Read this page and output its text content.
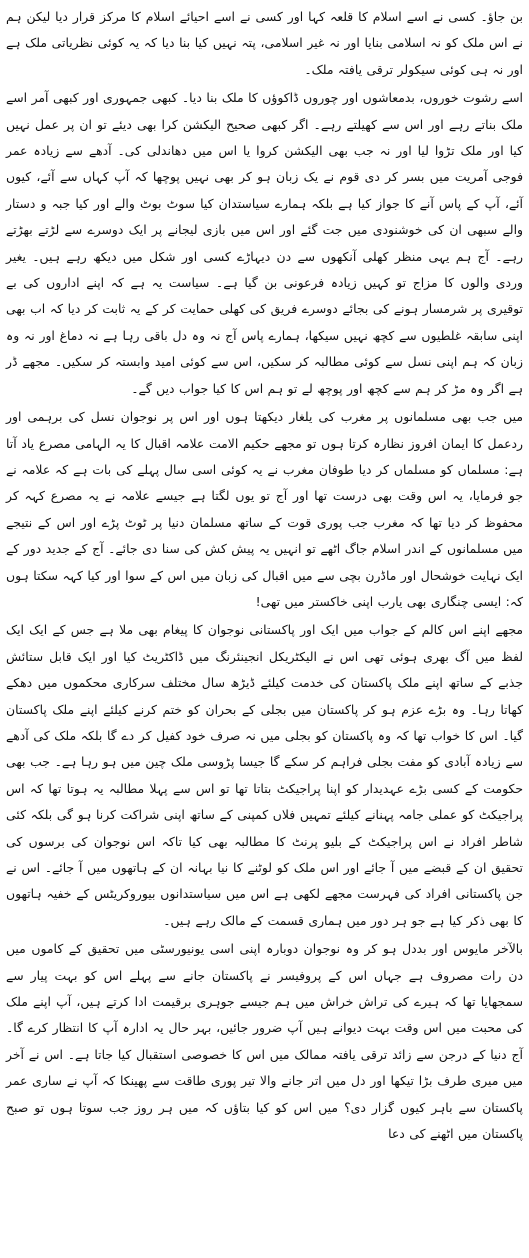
بن جاؤ۔ کسی نے اسے اسلام کا قلعہ کہا اور کسی نے اسے احیائے اسلام کا مرکز قرار دیا لیکن ہم نے اس ملک کو نہ اسلامی بنایا اور نہ غیر اسلامی، پتہ نہیں کیا بنا دیا کہ یہ کوئی نظریاتی ملک ہے اور نہ ہی کوئی سیکولر ترقی یافتہ ملک۔

اسے رشوت خوروں، بدمعاشوں اور چوروں ڈاکوؤں کا ملک بنا دیا۔ کبھی جمہوری اور کبھی آمر اسے ملک بناتے رہے اور اس سے کھیلتے رہے۔ اگر کبھی صحیح الیکشن کرا بھی دیئے تو ان پر عمل نہیں کیا اور ملک تڑوا لیا اور نہ جب بھی الیکشن کروا یا اس میں دھاندلی کی۔ آدھے سے زیادہ عمر فوجی آمریت میں بسر کر دی قوم نے یک زبان ہو کر بھی نہیں پوچھا کہ آپ کہاں سے آئے، کیوں آئے، آپ کے پاس آنے کا جواز کیا ہے بلکہ ہمارے سیاستدان کیا سوٹ بوٹ والے اور کیا جبہ و دستار والے سبھی ان کی خوشنودی میں جت گئے اور اس میں بازی لیجانے پر ایک دوسرے سے لڑتے بھڑتے رہے۔ آج ہم یہی منظر کھلی آنکھوں سے دن دیہاڑے کسی اور شکل میں دیکھ رہے ہیں۔ یغیر وردی والوں کا مزاج تو کہیں زیادہ فرعونی بن گیا ہے۔ سیاست یہ ہے کہ اپنے اداروں کی بے توقیری پر شرمسار ہونے کی بجائے دوسرے فریق کی کھلی حمایت کر کے یہ ثابت کر دیا کہ اب بھی اپنی سابقہ غلطیوں سے کچھ نہیں سیکھا، ہمارے پاس آج نہ وہ دل باقی رہا ہے نہ دماغ اور نہ وہ زبان کہ ہم اپنی نسل سے کوئی مطالبہ کر سکیں، اس سے کوئی امید وابستہ کر سکیں۔ مجھے ڈر ہے اگر وہ مڑ کر ہم سے کچھ اور پوچھ لے تو ہم اس کا کیا جواب دیں گے۔

میں جب بھی مسلمانوں پر مغرب کی یلغار دیکھتا ہوں اور اس پر نوجوان نسل کی برہمی اور ردعمل کا ایمان افروز نظارہ کرتا ہوں تو مجھے حکیم الامت علامہ اقبال کا یہ الہامی مصرع یاد آتا ہے: مسلماں کو مسلماں کر دیا طوفان مغرب نے یہ کوئی اسی سال پہلے کی بات ہے کہ علامہ نے جو فرمایا، یہ اس وقت بھی درست تھا اور آج تو یوں لگتا ہے جیسے علامہ نے یہ مصرع کہہ کر محفوظ کر دیا تھا کہ مغرب جب پوری قوت کے ساتھ مسلمان دنیا پر ٹوٹ پڑے اور اس کے نتیجے میں مسلمانوں کے اندر اسلام جاگ اٹھے تو انہیں یہ پیش کش کی سنا دی جائے۔ آج کے جدید دور کے ایک نہایت خوشحال اور ماڈرن بچی سے میں اقبال کی زبان میں اس کے سوا اور کیا کہہ سکتا ہوں کہ: ایسی چنگاری بھی یارب اپنی خاکستر میں تھی!

مجھے اپنے اس کالم کے جواب میں ایک اور پاکستانی نوجوان کا پیغام بھی ملا ہے جس کے ایک ایک لفظ میں آگ بھری ہوئی تھی اس نے الیکٹریکل انجینئرنگ میں ڈاکٹریٹ کیا اور ایک قابل ستائش جذبے کے ساتھ اپنے ملک پاکستان کی خدمت کیلئے ڈیڑھ سال مختلف سرکاری محکموں میں دھکے کھاتا رہا۔ وہ بڑے عزم ہو کر پاکستان میں بجلی کے بحران کو ختم کرنے کیلئے اپنے ملک پاکستان گیا۔ اس کا خواب تھا کہ وہ پاکستان کو بجلی میں نہ صرف خود کفیل کر دے گا بلکہ ملک کی آدھے سے زیادہ آبادی کو مفت بجلی فراہم کر سکے گا جیسا پڑوسی ملک چین میں ہو رہا ہے۔ جب بھی حکومت کے کسی بڑے عہدیدار کو اپنا پراجیکٹ بتاتا تھا تو اس سے پہلا مطالبہ یہ ہوتا تھا کہ اس پراجیکٹ کو عملی جامہ پہنانے کیلئے تمہیں فلاں کمپنی کے ساتھ اپنی شراکت کرنا ہو گی بلکہ کئی شاطر افراد نے اس پراجیکٹ کے بلیو پرنٹ کا مطالبہ بھی کیا تاکہ اس نوجوان کی برسوں کی تحقیق ان کے قبضے میں آ جائے اور اس ملک کو لوٹنے کا نیا بہانہ ان کے ہاتھوں میں آ جائے۔ اس نے جن پاکستانی افراد کی فہرست مجھے لکھی ہے اس میں سیاستدانوں بیوروکریٹس کے خفیہ ہاتھوں کا بھی ذکر کیا ہے جو ہر دور میں ہماری قسمت کے مالک رہے ہیں۔

بالآخر مایوس اور بددل ہو کر وہ نوجوان دوبارہ اپنی اسی یونیورسٹی میں تحقیق کے کاموں میں دن رات مصروف ہے جہاں اس کے پروفیسر نے پاکستان جانے سے پہلے اس کو بہت پیار سے سمجھایا تھا کہ ہیرے کی تراش خراش میں ہم جیسے جوہری برقیمت ادا کرتے ہیں، آپ اپنے ملک کی محبت میں اس وقت بہت دیوانے ہیں آپ ضرور جائیں، بہر حال یہ ادارہ آپ کا انتظار کرے گا۔ آج دنیا کے درجن سے زائد ترقی یافتہ ممالک میں اس کا خصوصی استقبال کیا جاتا ہے۔ اس نے آخر میں میری طرف بڑا تیکھا اور دل میں اتر جانے والا تیر پوری طاقت سے پھینکا کہ آپ نے ساری عمر پاکستان سے باہر کیوں گزار دی؟ میں اس کو کیا بتاؤں کہ میں ہر روز جب سوتا ہوں تو صبح پاکستان میں اٹھنے کی دعا
